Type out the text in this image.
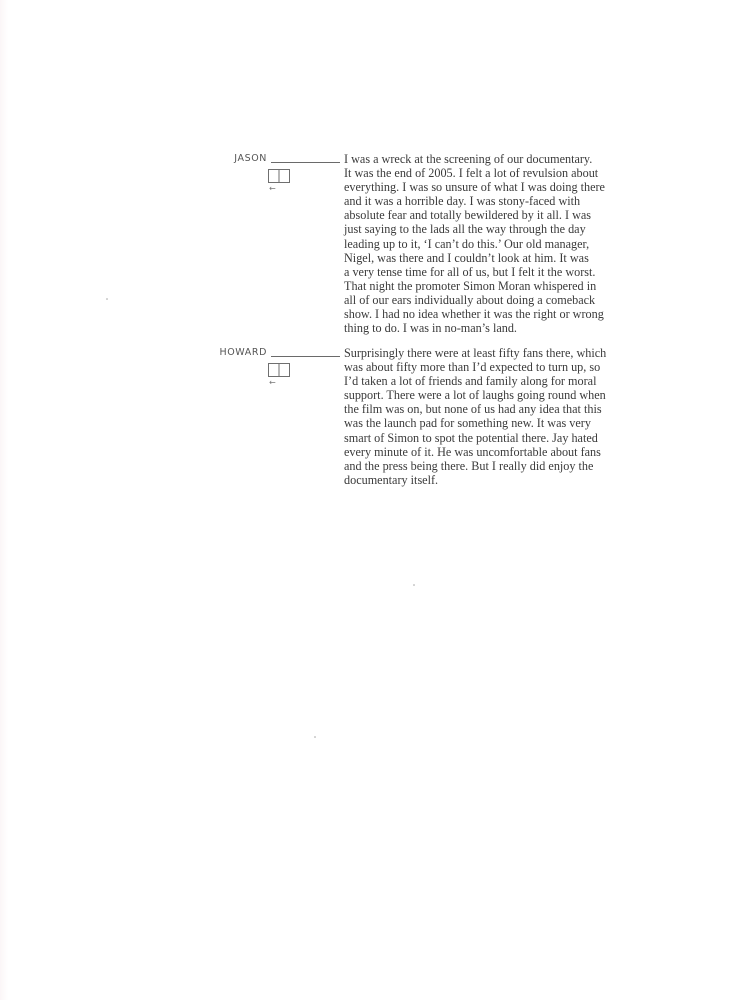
JASON
←

I was a wreck at the screening of our documentary.
It was the end of 2005. I felt a lot of revulsion about
everything. I was so unsure of what I was doing there
and it was a horrible day. I was stony-faced with
absolute fear and totally bewildered by it all. I was
just saying to the lads all the way through the day
leading up to it, ‘I can’t do this.’ Our old manager,
Nigel, was there and I couldn’t look at him. It was
a very tense time for all of us, but I felt it the worst.
That night the promoter Simon Moran whispered in
all of our ears individually about doing a comeback
show. I had no idea whether it was the right or wrong
thing to do. I was in no-man’s land.

HOWARD
←

Surprisingly there were at least fifty fans there, which
was about fifty more than I’d expected to turn up, so
I’d taken a lot of friends and family along for moral
support. There were a lot of laughs going round when
the film was on, but none of us had any idea that this
was the launch pad for something new. It was very
smart of Simon to spot the potential there. Jay hated
every minute of it. He was uncomfortable about fans
and the press being there. But I really did enjoy the
documentary itself.
